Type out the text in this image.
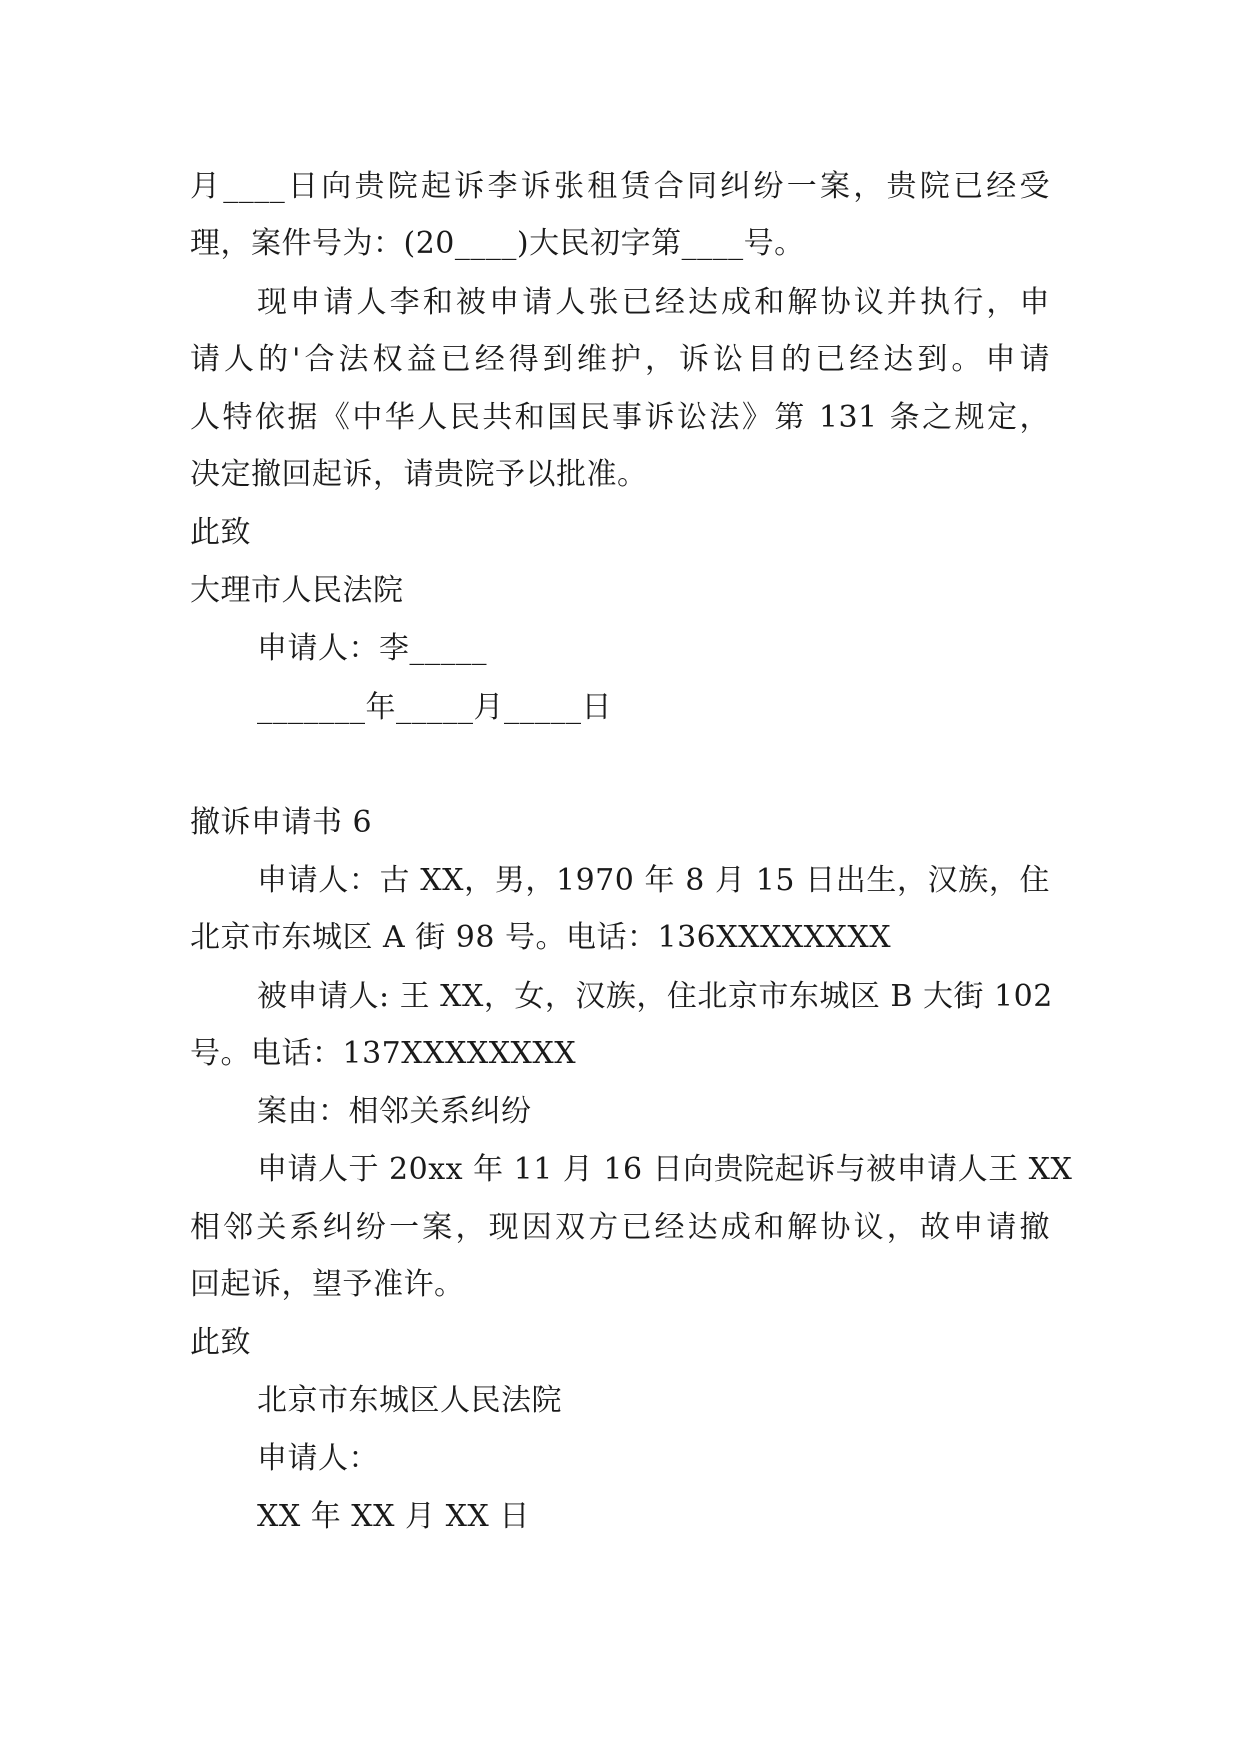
月____日向贵院起诉李诉张租赁合同纠纷一案，贵院已经受
理，案件号为：(20____)大民初字第____号。
现申请人李和被申请人张已经达成和解协议并执行，申
请人的'合法权益已经得到维护，诉讼目的已经达到。申请
人特依据《中华人民共和国民事诉讼法》第 131 条之规定，
决定撤回起诉，请贵院予以批准。
此致
大理市人民法院
申请人：李_____
_______年_____月_____日
撤诉申请书 6
申请人：古 XX，男，1970 年 8 月 15 日出生，汉族，住
北京市东城区 A 街 98 号。电话：136XXXXXXXX
被申请人: 王 XX，女，汉族，住北京市东城区 B 大街 102
号。电话：137XXXXXXXX
案由：相邻关系纠纷
申请人于 20xx 年 11 月 16 日向贵院起诉与被申请人王 XX
相邻关系纠纷一案，现因双方已经达成和解协议，故申请撤
回起诉，望予准许。
此致
北京市东城区人民法院
申请人：
XX 年 XX 月 XX 日
